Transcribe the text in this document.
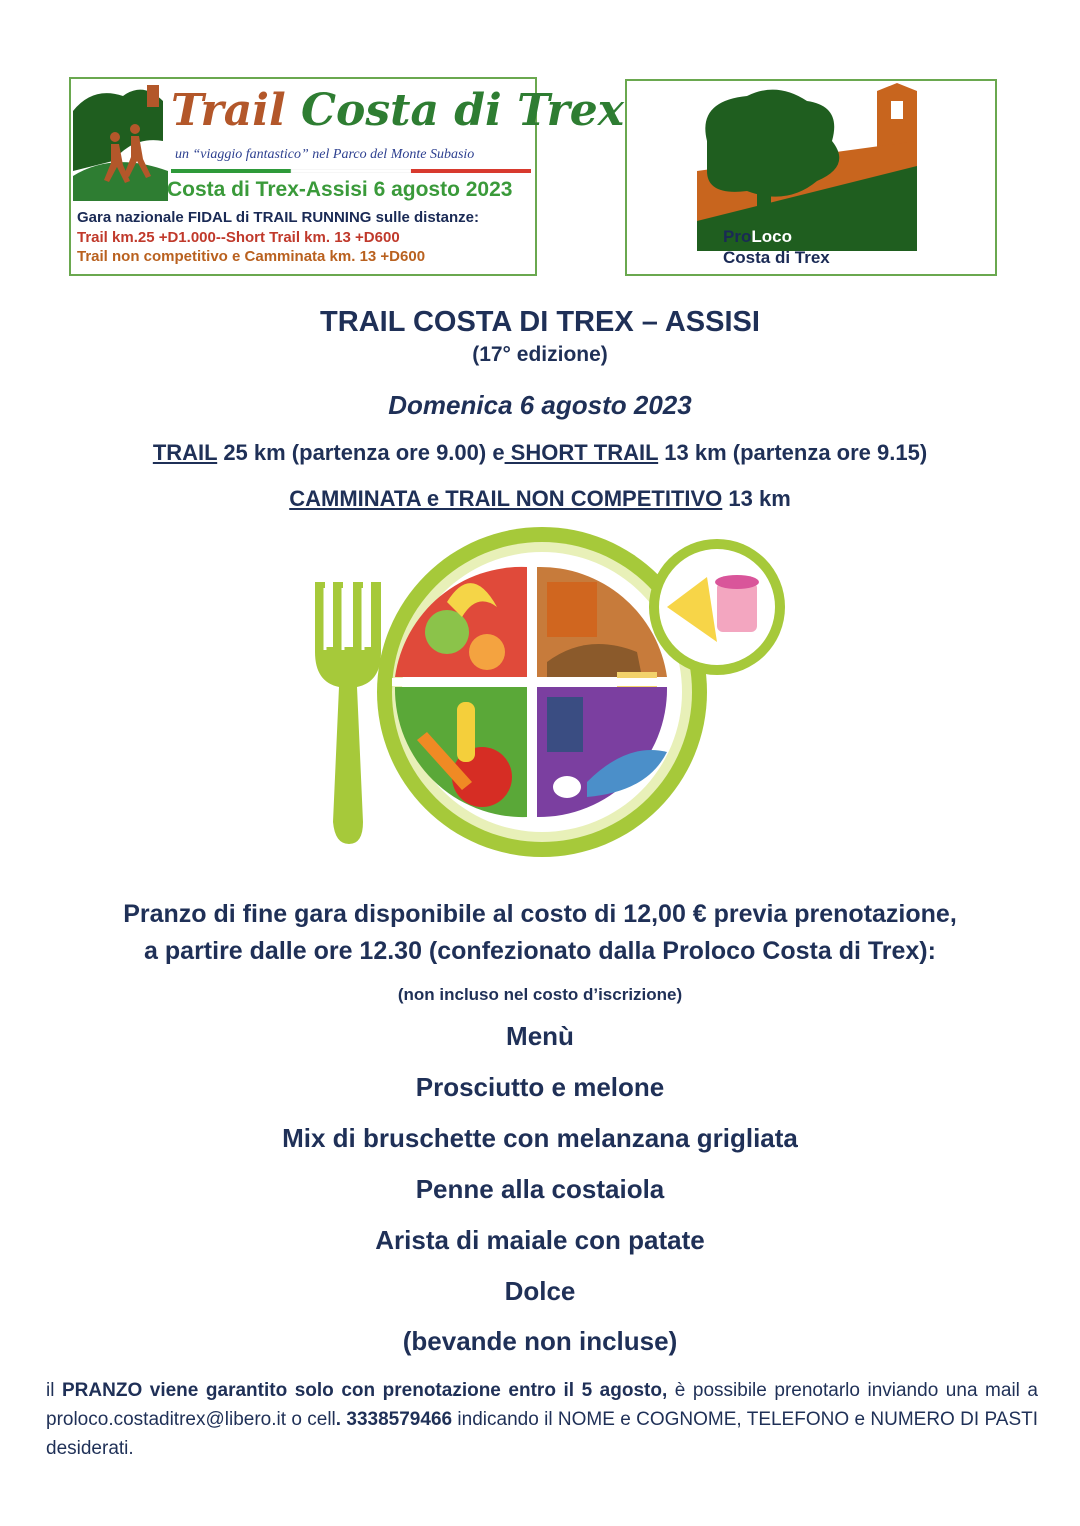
Trail Costa di Trex
un “viaggio fantastico” nel Parco del Monte Subasio
Costa di Trex-Assisi 6 agosto 2023
Gara nazionale FIDAL di TRAIL RUNNING sulle distanze:
Trail km.25 +D1.000--Short Trail km. 13 +D600
Trail non competitivo e Camminata km. 13 +D600
ProLoco
Costa di Trex
TRAIL COSTA DI TREX – ASSISI
(17° edizione)
Domenica 6 agosto 2023
TRAIL 25 km (partenza ore 9.00) e SHORT TRAIL 13 km (partenza ore 9.15)
CAMMINATA e TRAIL NON COMPETITIVO 13 km
Pranzo di fine gara disponibile al costo di 12,00 € previa prenotazione,
a partire dalle ore 12.30 (confezionato dalla Proloco Costa di Trex):
(non incluso nel costo d’iscrizione)
Menù
Prosciutto e melone
Mix di bruschette con melanzana grigliata
Penne alla costaiola
Arista di maiale con patate
Dolce
(bevande non incluse)
il PRANZO viene garantito solo con prenotazione entro il 5 agosto, è possibile prenotarlo inviando una mail a proloco.costaditrex@libero.it o cell. 3338579466 indicando il NOME e COGNOME, TELEFONO e NUMERO DI PASTI desiderati.
